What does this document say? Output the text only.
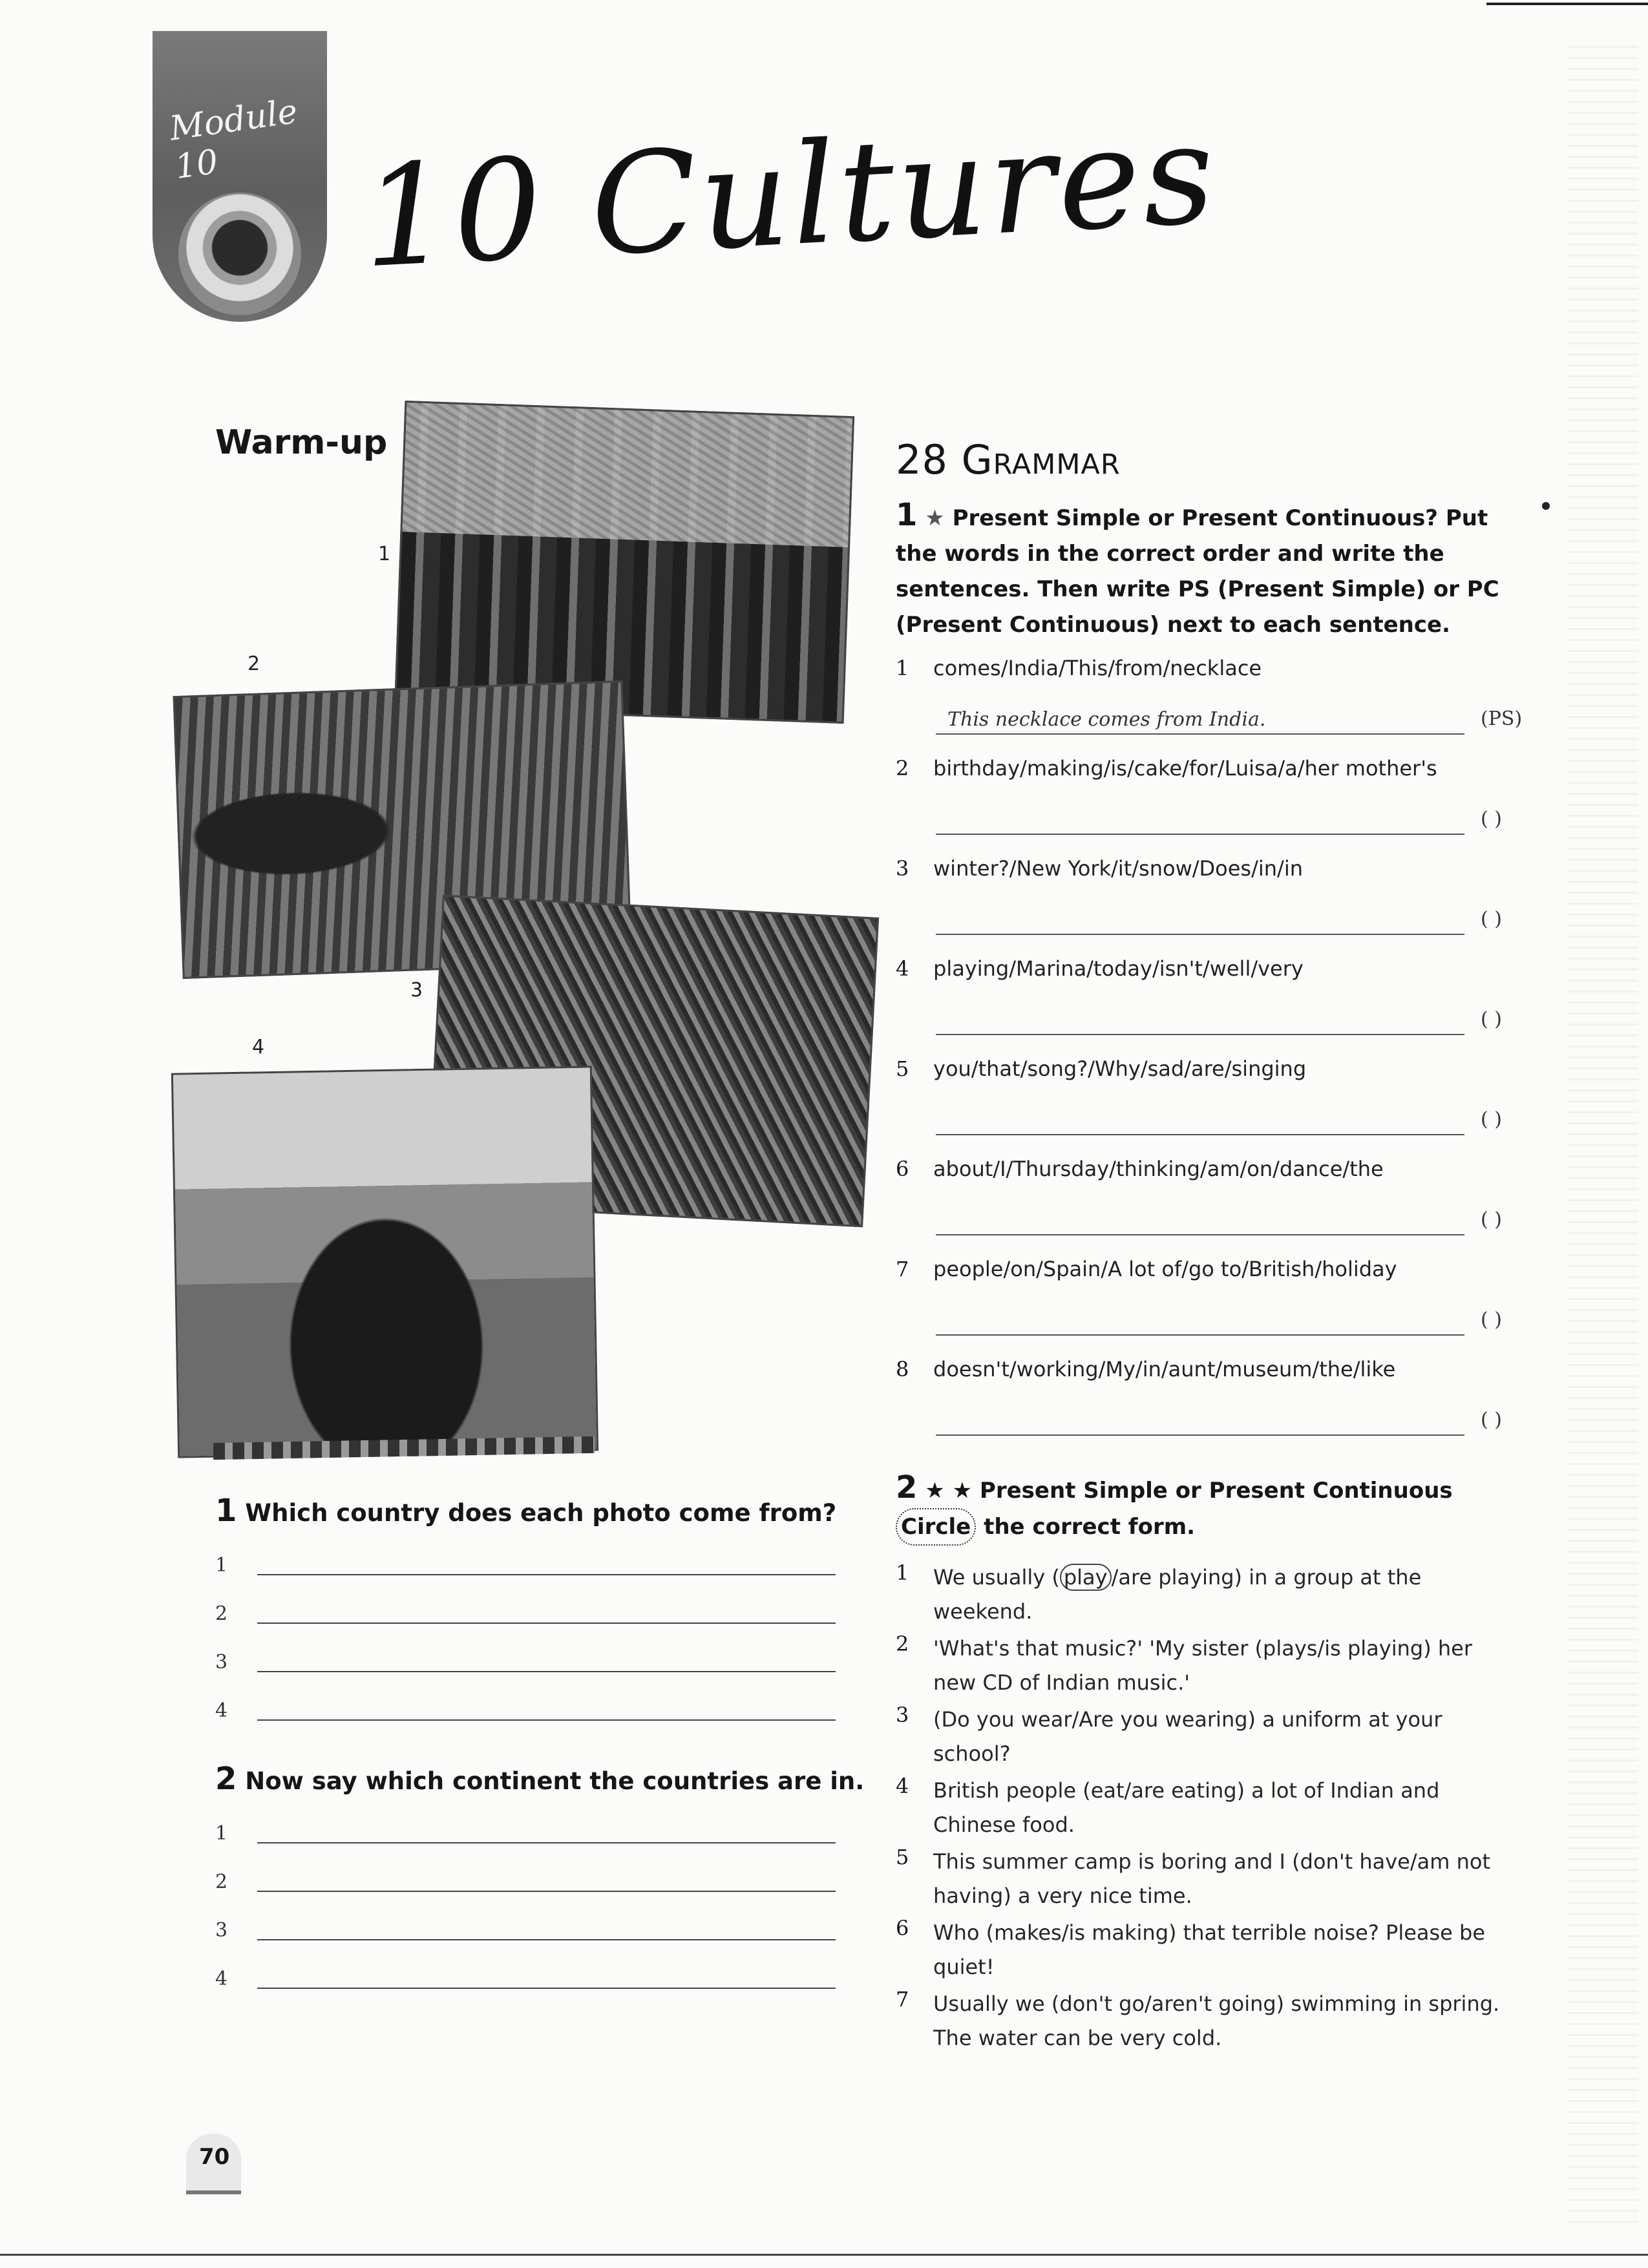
Module 10 10 Cultures
Warm-up
1
2
3
4
1 Which country does each photo come from?
1
2
3
4
2 Now say which continent the countries are in.
1
2
3
4
28 Grammar
1 ★ Present Simple or Present Continuous? Put the words in the correct order and write the sentences. Then write PS (Present Simple) or PC (Present Continuous) next to each sentence.
1 comes/India/This/from/necklace
This necklace comes from India.	(PS)
2 birthday/making/is/cake/for/Luisa/a/her mother's
( )
3 winter?/New York/it/snow/Does/in/in
( )
4 playing/Marina/today/isn't/well/very
( )
5 you/that/song?/Why/sad/are/singing
( )
6 about/I/Thursday/thinking/am/on/dance/the
( )
7 people/on/Spain/A lot of/go to/British/holiday
( )
8 doesn't/working/My/in/aunt/museum/the/like
( )
2 ★ ★ Present Simple or Present Continuous
Circle the correct form.
1 We usually ( play /are playing) in a group at the weekend.
2 'What's that music?' 'My sister (plays/is playing) her new CD of Indian music.'
3 (Do you wear/Are you wearing) a uniform at your school?
4 British people (eat/are eating) a lot of Indian and Chinese food.
5 This summer camp is boring and I (don't have/am not having) a very nice time.
6 Who (makes/is making) that terrible noise? Please be quiet!
7 Usually we (don't go/aren't going) swimming in spring. The water can be very cold.
70
